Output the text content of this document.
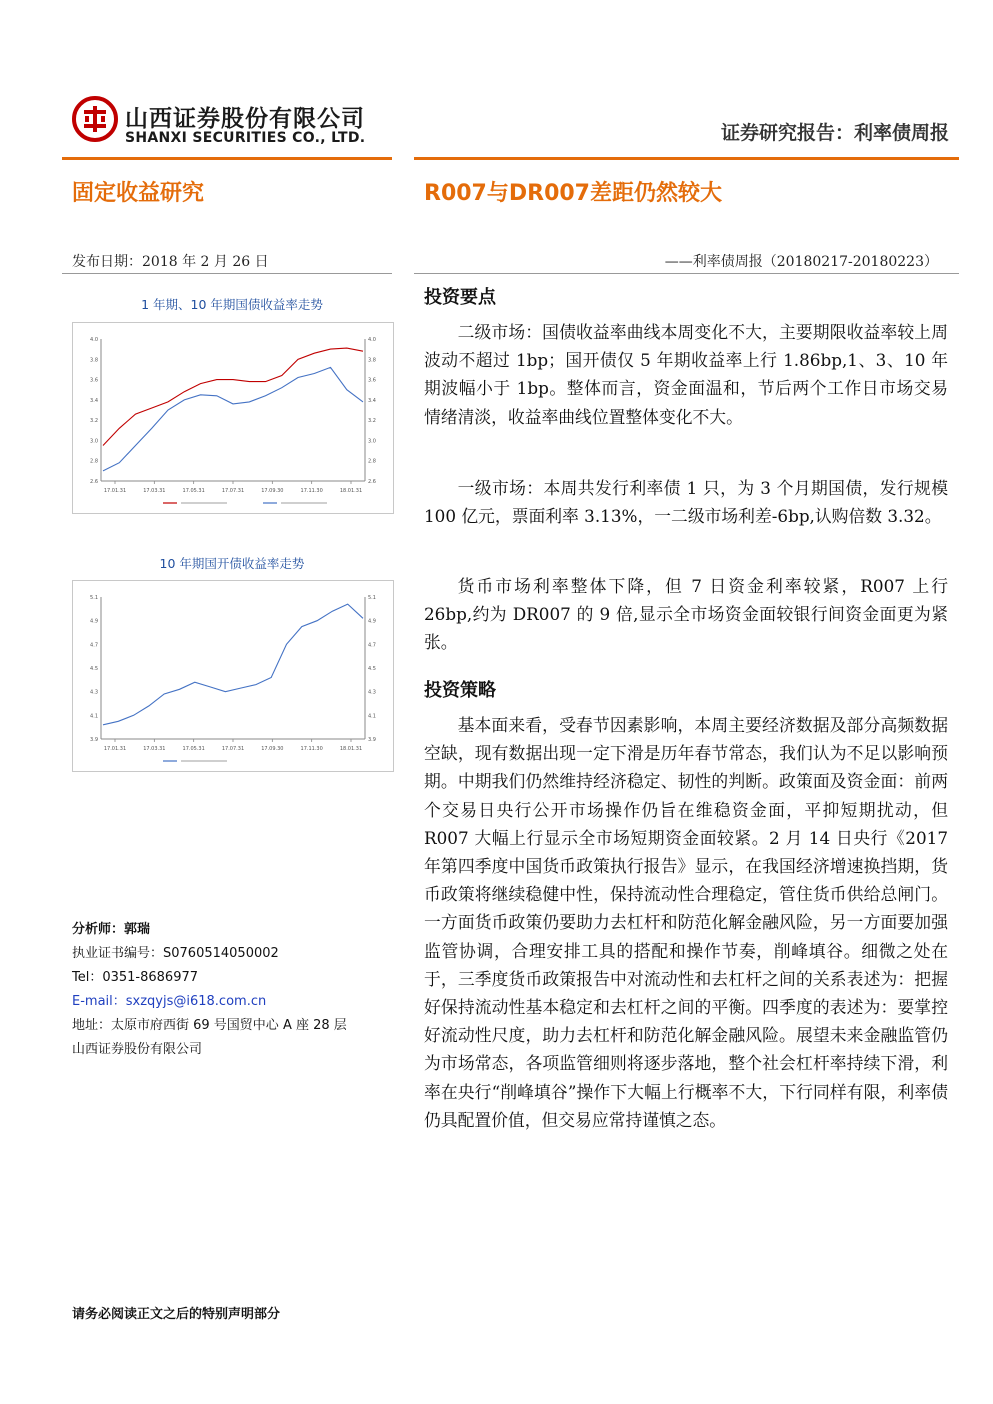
山西证券股份有限公司
SHANXI SECURITIES CO., LTD.	证券研究报告：利率债周报
固定收益研究	R007与DR007差距仍然较大
发布日期：2018 年 2 月 26 日	——利率债周报（20180217-20180223）
1 年期、10 年期国债收益率走势
2.6
2.8
3.0
3.2
3.4
3.6
3.8
4.0
2.6
2.8
3.0
3.2
3.4
3.6
3.8
4.0
17.01.31	17.03.31	17.05.31	17.07.31	17.09.30	17.11.30	18.01.31
10 年期国开债收益率走势
3.9
4.1
4.3
4.5
4.7
4.9
5.1
3.9
4.1
4.3
4.5
4.7
4.9
5.1
17.01.31	17.03.31	17.05.31	17.07.31	17.09.30	17.11.30	18.01.31
投资要点
二级市场：国债收益率曲线本周变化不大，主要期限收益率较上周波动不超过 1bp；国开债仅 5 年期收益率上行 1.86bp,1、3、10 年期波幅小于 1bp。整体而言，资金面温和，节后两个工作日市场交易情绪清淡，收益率曲线位置整体变化不大。
一级市场：本周共发行利率债 1 只，为 3 个月期国债，发行规模 100 亿元，票面利率 3.13%，一二级市场利差-6bp,认购倍数 3.32。
货币市场利率整体下降，但 7 日资金利率较紧，R007 上行 26bp,约为 DR007 的 9 倍,显示全市场资金面较银行间资金面更为紧张。
投资策略
基本面来看，受春节因素影响，本周主要经济数据及部分高频数据空缺，现有数据出现一定下滑是历年春节常态，我们认为不足以影响预期。中期我们仍然维持经济稳定、韧性的判断。政策面及资金面：前两个交易日央行公开市场操作仍旨在维稳资金面，平抑短期扰动，但 R007 大幅上行显示全市场短期资金面较紧。2 月 14 日央行《2017 年第四季度中国货币政策执行报告》显示，在我国经济增速换挡期，货币政策将继续稳健中性，保持流动性合理稳定，管住货币供给总闸门。一方面货币政策仍要助力去杠杆和防范化解金融风险，另一方面要加强监管协调，合理安排工具的搭配和操作节奏，削峰填谷。细微之处在于，三季度货币政策报告中对流动性和去杠杆之间的关系表述为：把握好保持流动性基本稳定和去杠杆之间的平衡。四季度的表述为：要掌控好流动性尺度，助力去杠杆和防范化解金融风险。展望未来金融监管仍为市场常态，各项监管细则将逐步落地，整个社会杠杆率持续下滑，利率在央行“削峰填谷”操作下大幅上行概率不大，下行同样有限，利率债仍具配置价值，但交易应常持谨慎之态。
分析师：郭瑞
执业证书编号：S0760514050002
Tel：0351-8686977
E-mail：sxzqyjs@i618.com.cn
地址：太原市府西街 69 号国贸中心 A 座 28 层
山西证券股份有限公司
请务必阅读正文之后的特别声明部分
